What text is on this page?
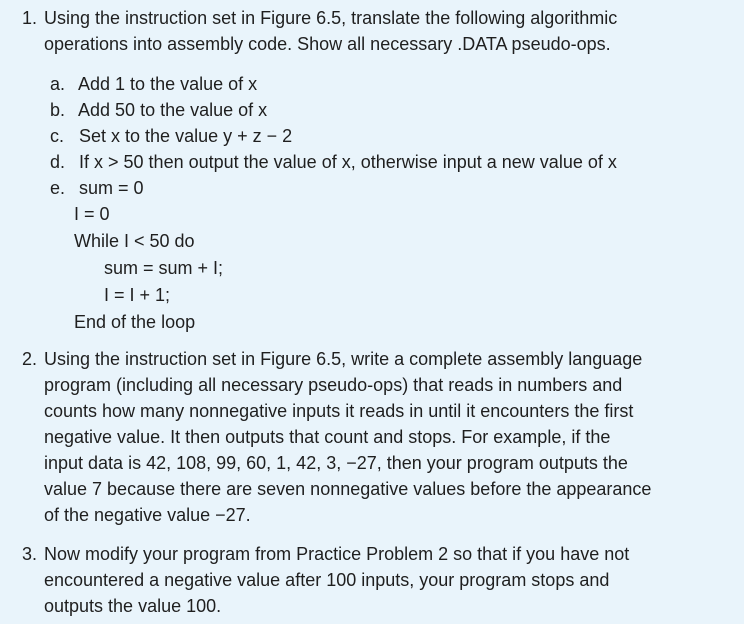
1. Using the instruction set in Figure 6.5, translate the following algorithmic
operations into assembly code. Show all necessary .DATA pseudo-ops.
a. Add 1 to the value of x
b. Add 50 to the value of x
c. Set x to the value y + z − 2
d. If x > 50 then output the value of x, otherwise input a new value of x
e. sum = 0
I = 0
While I < 50 do
sum = sum + I;
I = I + 1;
End of the loop
2. Using the instruction set in Figure 6.5, write a complete assembly language
program (including all necessary pseudo-ops) that reads in numbers and
counts how many nonnegative inputs it reads in until it encounters the first
negative value. It then outputs that count and stops. For example, if the
input data is 42, 108, 99, 60, 1, 42, 3, −27, then your program outputs the
value 7 because there are seven nonnegative values before the appearance
of the negative value −27.
3. Now modify your program from Practice Problem 2 so that if you have not
encountered a negative value after 100 inputs, your program stops and
outputs the value 100.
